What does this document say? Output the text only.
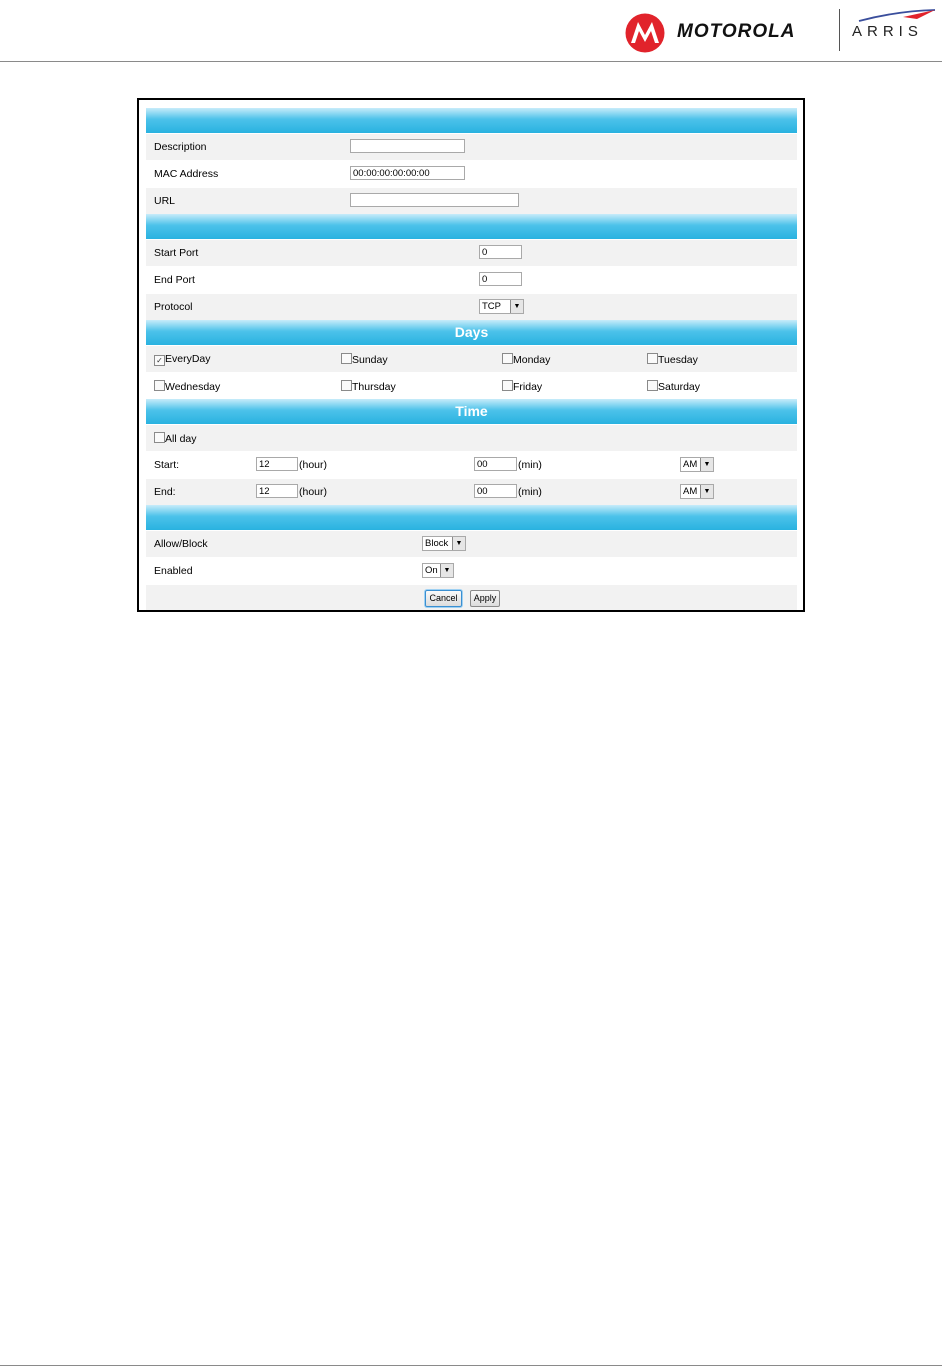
MOTOROLA	ARRIS
Description
MAC Address	00:00:00:00:00:00
URL
Start Port	0
End Port	0
Protocol	TCP	▼
Days
✓ EveryDay	Sunday	Monday	Tuesday
Wednesday	Thursday	Friday	Saturday
Time
All day
Start:	12	(hour)	00	(min)	AM ▼
End:	12	(hour)	00	(min)	AM ▼
Allow/Block	Block	▼
Enabled	On ▼
Cancel	Apply
